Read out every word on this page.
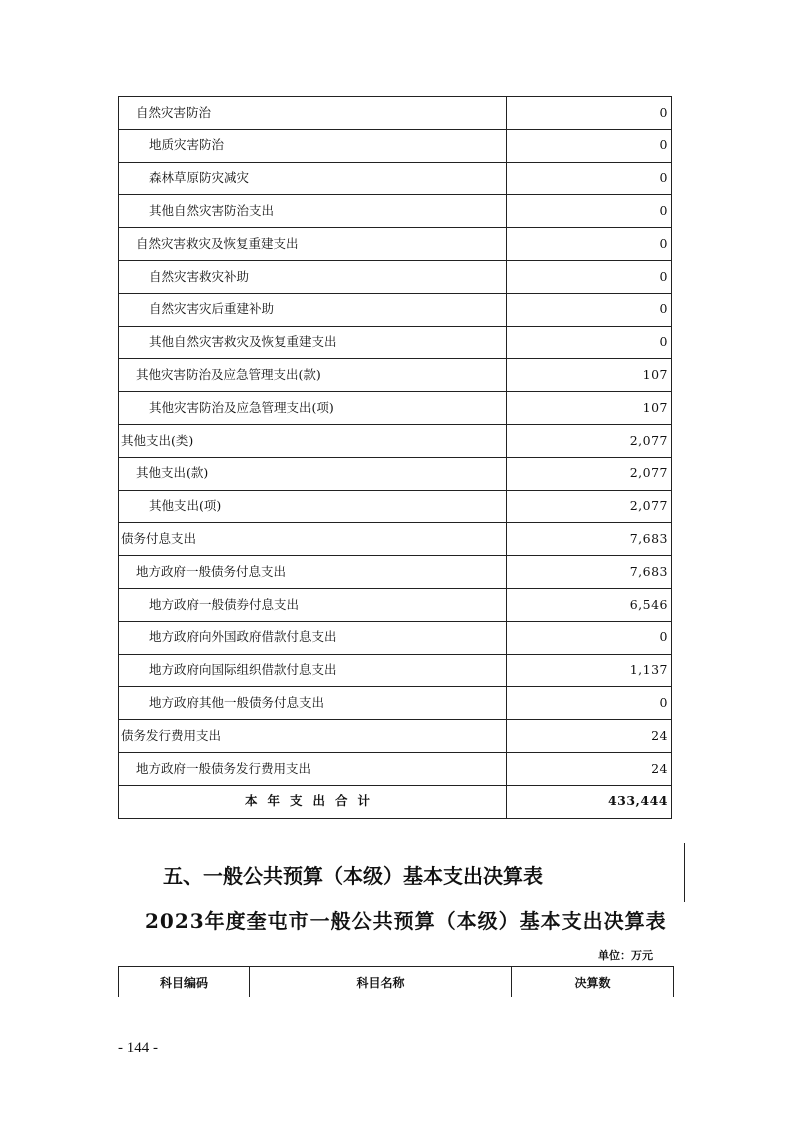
自然灾害防治	0
地质灾害防治	0
森林草原防灾减灾	0
其他自然灾害防治支出	0
自然灾害救灾及恢复重建支出	0
自然灾害救灾补助	0
自然灾害灾后重建补助	0
其他自然灾害救灾及恢复重建支出	0
其他灾害防治及应急管理支出(款)	107
其他灾害防治及应急管理支出(项)	107
其他支出(类)	2,077
其他支出(款)	2,077
其他支出(项)	2,077
债务付息支出	7,683
地方政府一般债务付息支出	7,683
地方政府一般债券付息支出	6,546
地方政府向外国政府借款付息支出	0
地方政府向国际组织借款付息支出	1,137
地方政府其他一般债务付息支出	0
债务发行费用支出	24
地方政府一般债务发行费用支出	24
本年支出合计	433,444
五、一般公共预算（本级）基本支出决算表
2023年度奎屯市一般公共预算（本级）基本支出决算表
单位：万元
科目编码	科目名称	决算数
- 144 -
